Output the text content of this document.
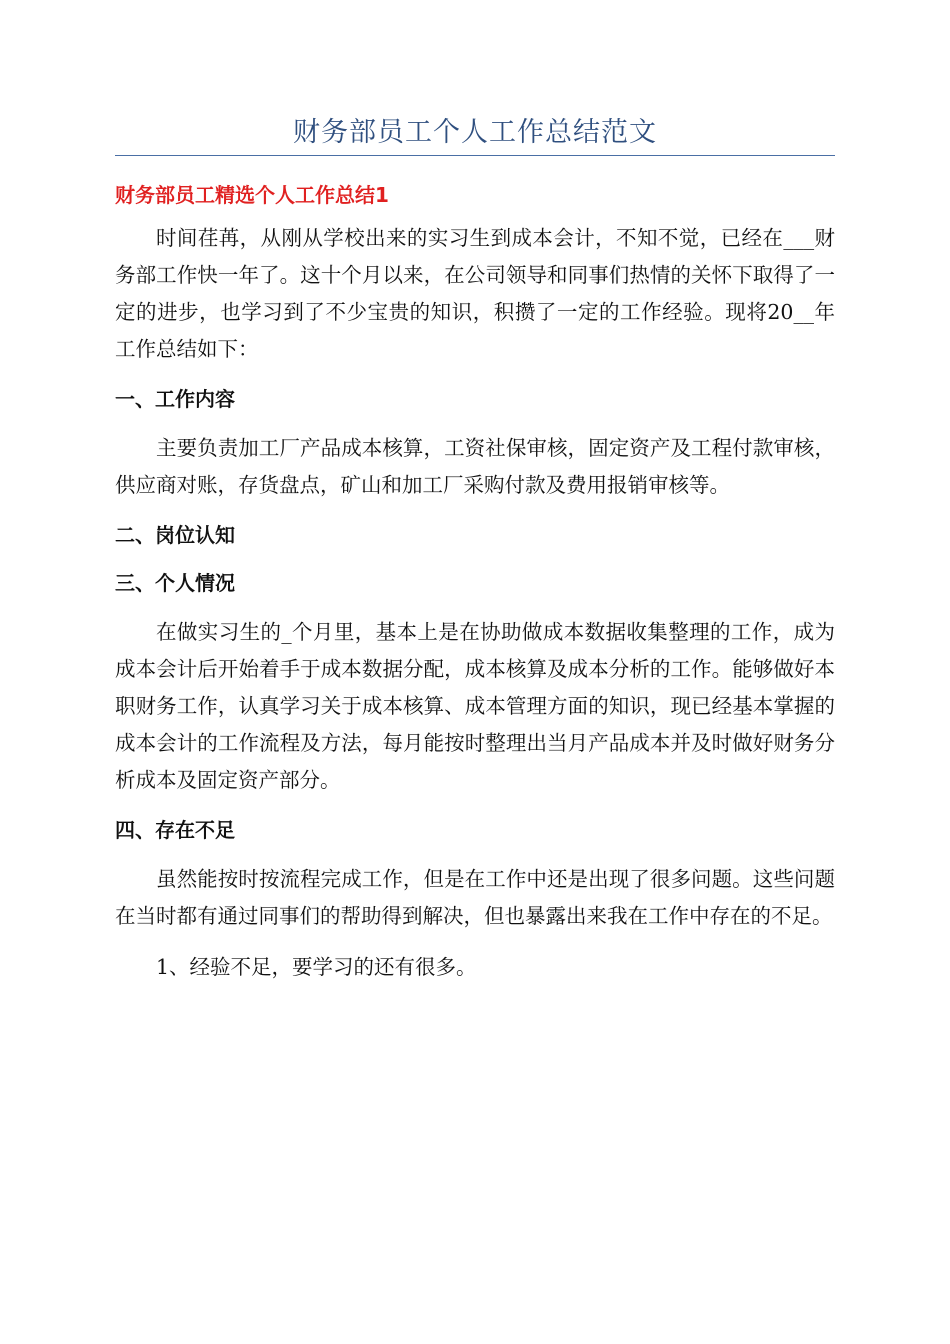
财务部员工个人工作总结范文
财务部员工精选个人工作总结1

时间荏苒，从刚从学校出来的实习生到成本会计，不知不觉，已经在___财务部工作快一年了。这十个月以来，在公司领导和同事们热情的关怀下取得了一定的进步，也学习到了不少宝贵的知识，积攒了一定的工作经验。现将20__年工作总结如下：

一、工作内容

主要负责加工厂产品成本核算，工资社保审核，固定资产及工程付款审核，供应商对账，存货盘点，矿山和加工厂采购付款及费用报销审核等。

二、岗位认知
三、个人情况

在做实习生的_个月里，基本上是在协助做成本数据收集整理的工作，成为成本会计后开始着手于成本数据分配，成本核算及成本分析的工作。能够做好本职财务工作，认真学习关于成本核算、成本管理方面的知识，现已经基本掌握的成本会计的工作流程及方法，每月能按时整理出当月产品成本并及时做好财务分析成本及固定资产部分。

四、存在不足

虽然能按时按流程完成工作，但是在工作中还是出现了很多问题。这些问题在当时都有通过同事们的帮助得到解决，但也暴露出来我在工作中存在的不足。

1、经验不足，要学习的还有很多。
